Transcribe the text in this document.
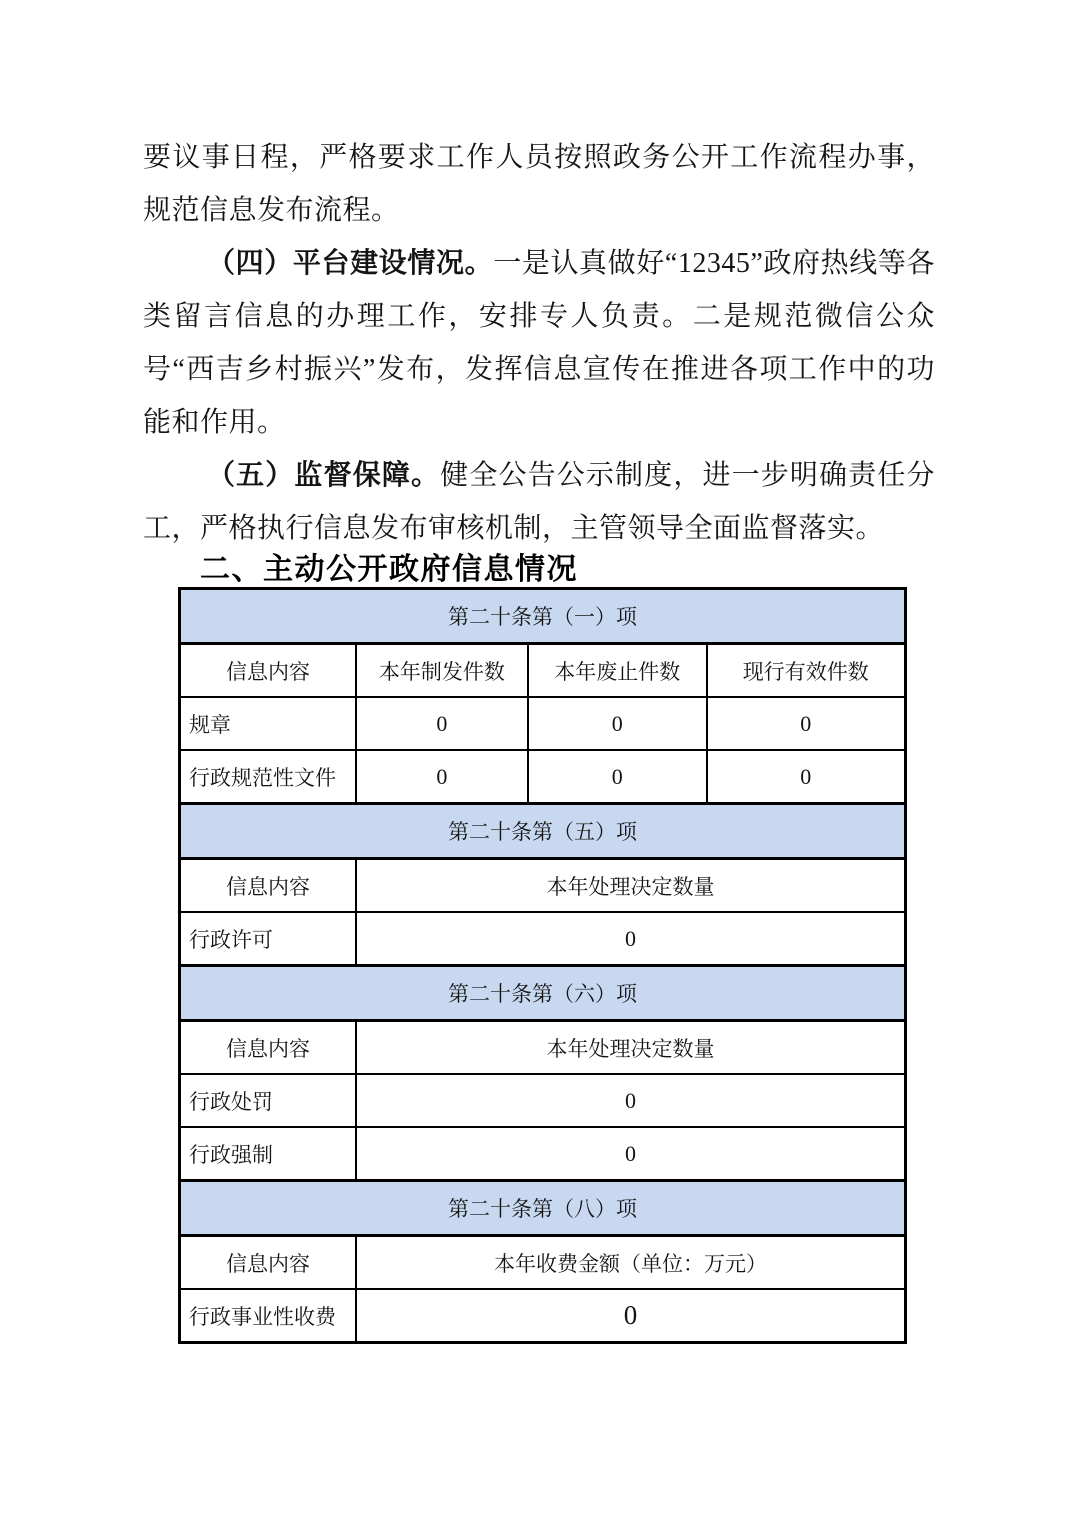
要议事日程，严格要求工作人员按照政务公开工作流程办事，规范信息发布流程。

（四）平台建设情况。一是认真做好“12345”政府热线等各类留言信息的办理工作，安排专人负责。二是规范微信公众号“西吉乡村振兴”发布，发挥信息宣传在推进各项工作中的功能和作用。

（五）监督保障。健全公告公示制度，进一步明确责任分工，严格执行信息发布审核机制，主管领导全面监督落实。

二、主动公开政府信息情况
第二十条第（一）项			
信息内容	本年制发件数	本年废止件数	现行有效件数
规章	0	0	0
行政规范性文件	0	0	0
第二十条第（五）项			
信息内容	本年处理决定数量		
行政许可	0		
第二十条第（六）项			
信息内容	本年处理决定数量		
行政处罚	0		
行政强制	0		
第二十条第（八）项			
信息内容	本年收费金额（单位：万元）		
行政事业性收费	0		
